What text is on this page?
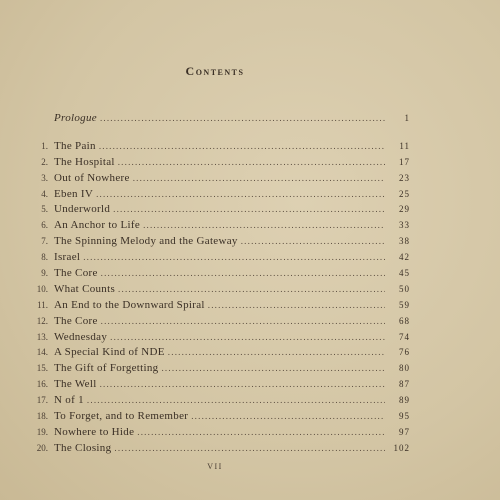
Contents
Prologue .....	1
1. The Pain .....	11
2. The Hospital .....	17
3. Out of Nowhere .....	23
4. Eben IV .....	25
5. Underworld .....	29
6. An Anchor to Life .....	33
7. The Spinning Melody and the Gateway .....	38
8. Israel .....	42
9. The Core .....	45
10. What Counts .....	50
11. An End to the Downward Spiral .....	59
12. The Core .....	68
13. Wednesday .....	74
14. A Special Kind of NDE .....	76
15. The Gift of Forgetting .....	80
16. The Well .....	87
17. N of 1 .....	89
18. To Forget, and to Remember .....	95
19. Nowhere to Hide .....	97
20. The Closing .....	102
VII
